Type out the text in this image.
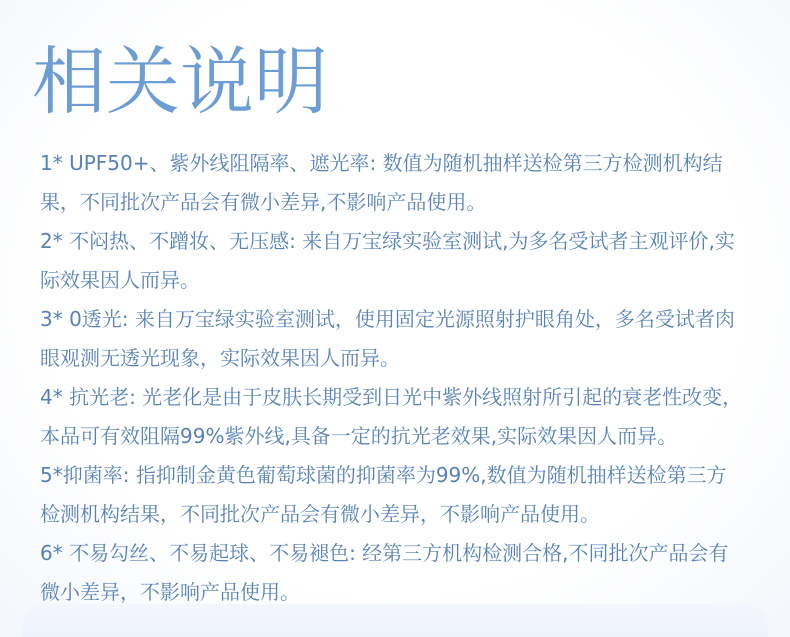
相关说明
1* UPF50+、紫外线阻隔率、遮光率: 数值为随机抽样送检第三方检测机构结
果，不同批次产品会有微小差异,不影响产品使用。
2* 不闷热、不蹭妆、无压感: 来自万宝绿实验室测试,为多名受试者主观评价,实
际效果因人而异。
3* 0透光: 来自万宝绿实验室测试，使用固定光源照射护眼角处，多名受试者肉
眼观测无透光现象，实际效果因人而异。
4* 抗光老: 光老化是由于皮肤长期受到日光中紫外线照射所引起的衰老性改变，
本品可有效阻隔99%紫外线,具备一定的抗光老效果,实际效果因人而异。
5*抑菌率: 指抑制金黄色葡萄球菌的抑菌率为99%,数值为随机抽样送检第三方
检测机构结果，不同批次产品会有微小差异，不影响产品使用。
6* 不易勾丝、不易起球、不易褪色: 经第三方机构检测合格,不同批次产品会有
微小差异，不影响产品使用。
